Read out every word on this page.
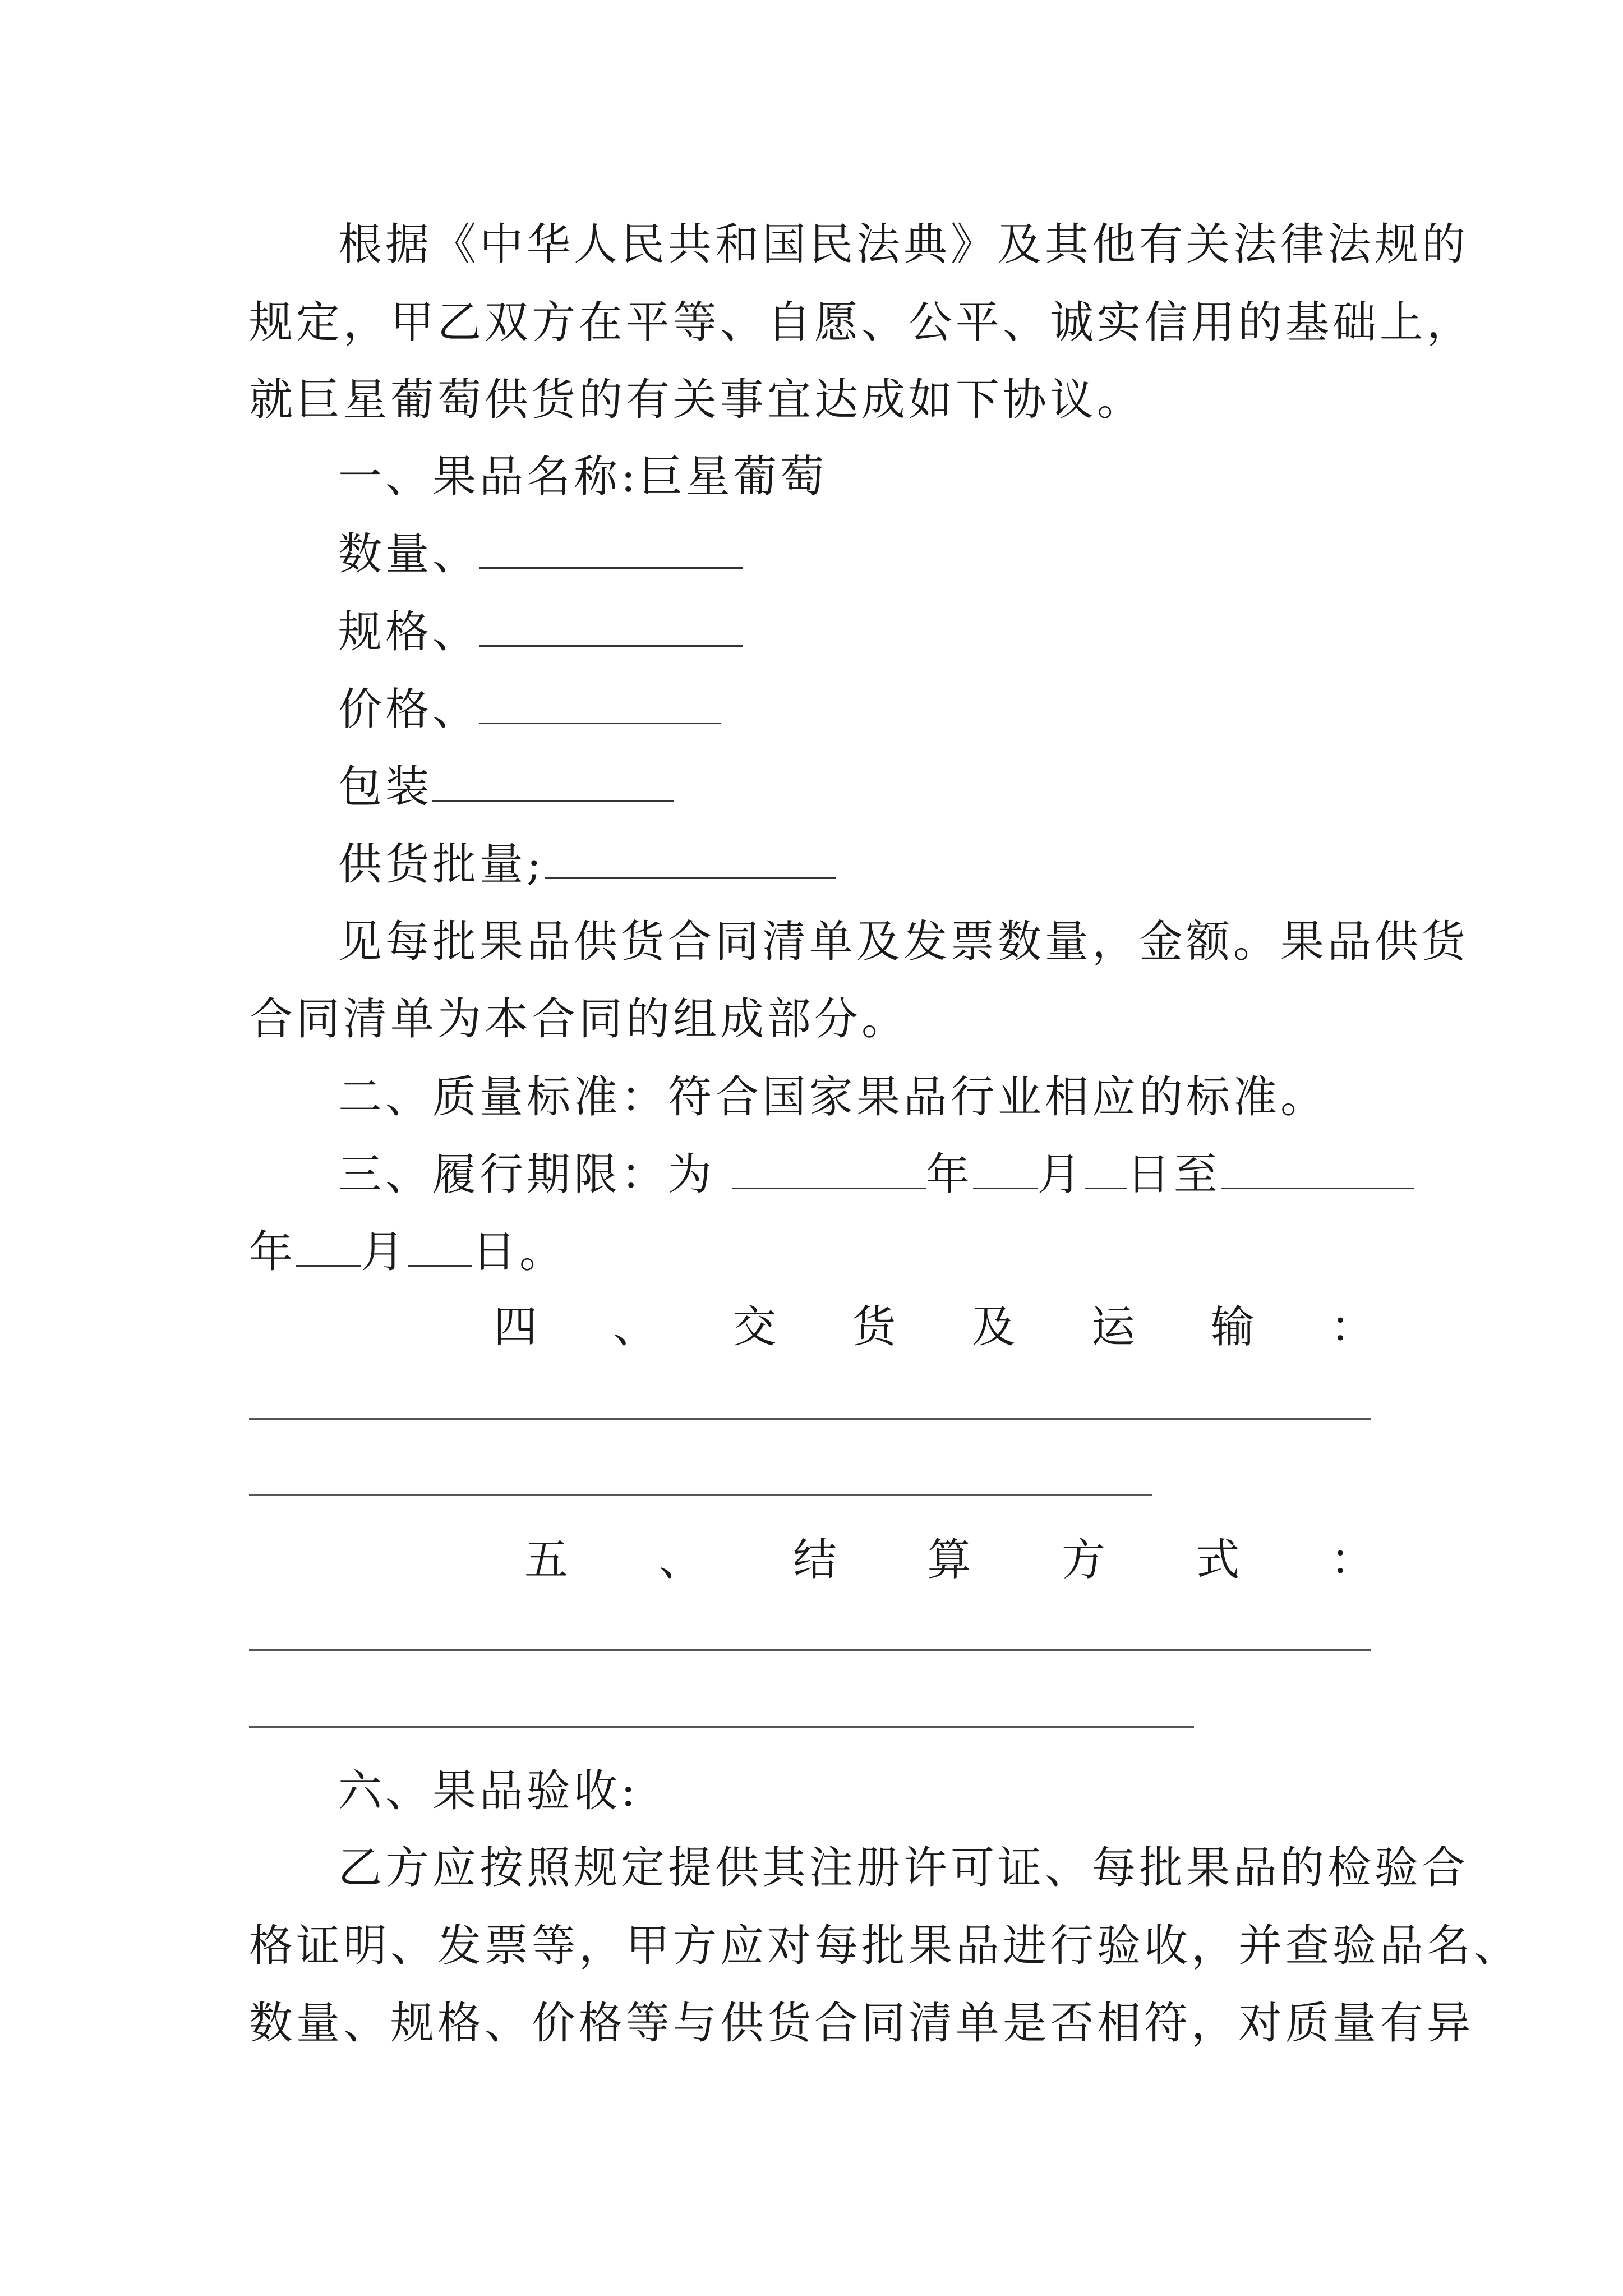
根据《中华人民共和国民法典》及其他有关法律法规的
规定，甲乙双方在平等、自愿、公平、诚实信用的基础上，
就巨星葡萄供货的有关事宜达成如下协议。
一、果品名称:巨星葡萄
数量、
规格、
价格、
包装
供货批量;
见每批果品供货合同清单及发票数量，金额。果品供货
合同清单为本合同的组成部分。
二、质量标准：符合国家果品行业相应的标准。
三、履行期限：为	年 月 日至
年 月 日。
四 、 交 货 及 运 输 ：
五 、 结 算 方 式 ：
六、果品验收:
乙方应按照规定提供其注册许可证、每批果品的检验合
格证明、发票等，甲方应对每批果品进行验收，并查验品名、
数量、规格、价格等与供货合同清单是否相符，对质量有异
